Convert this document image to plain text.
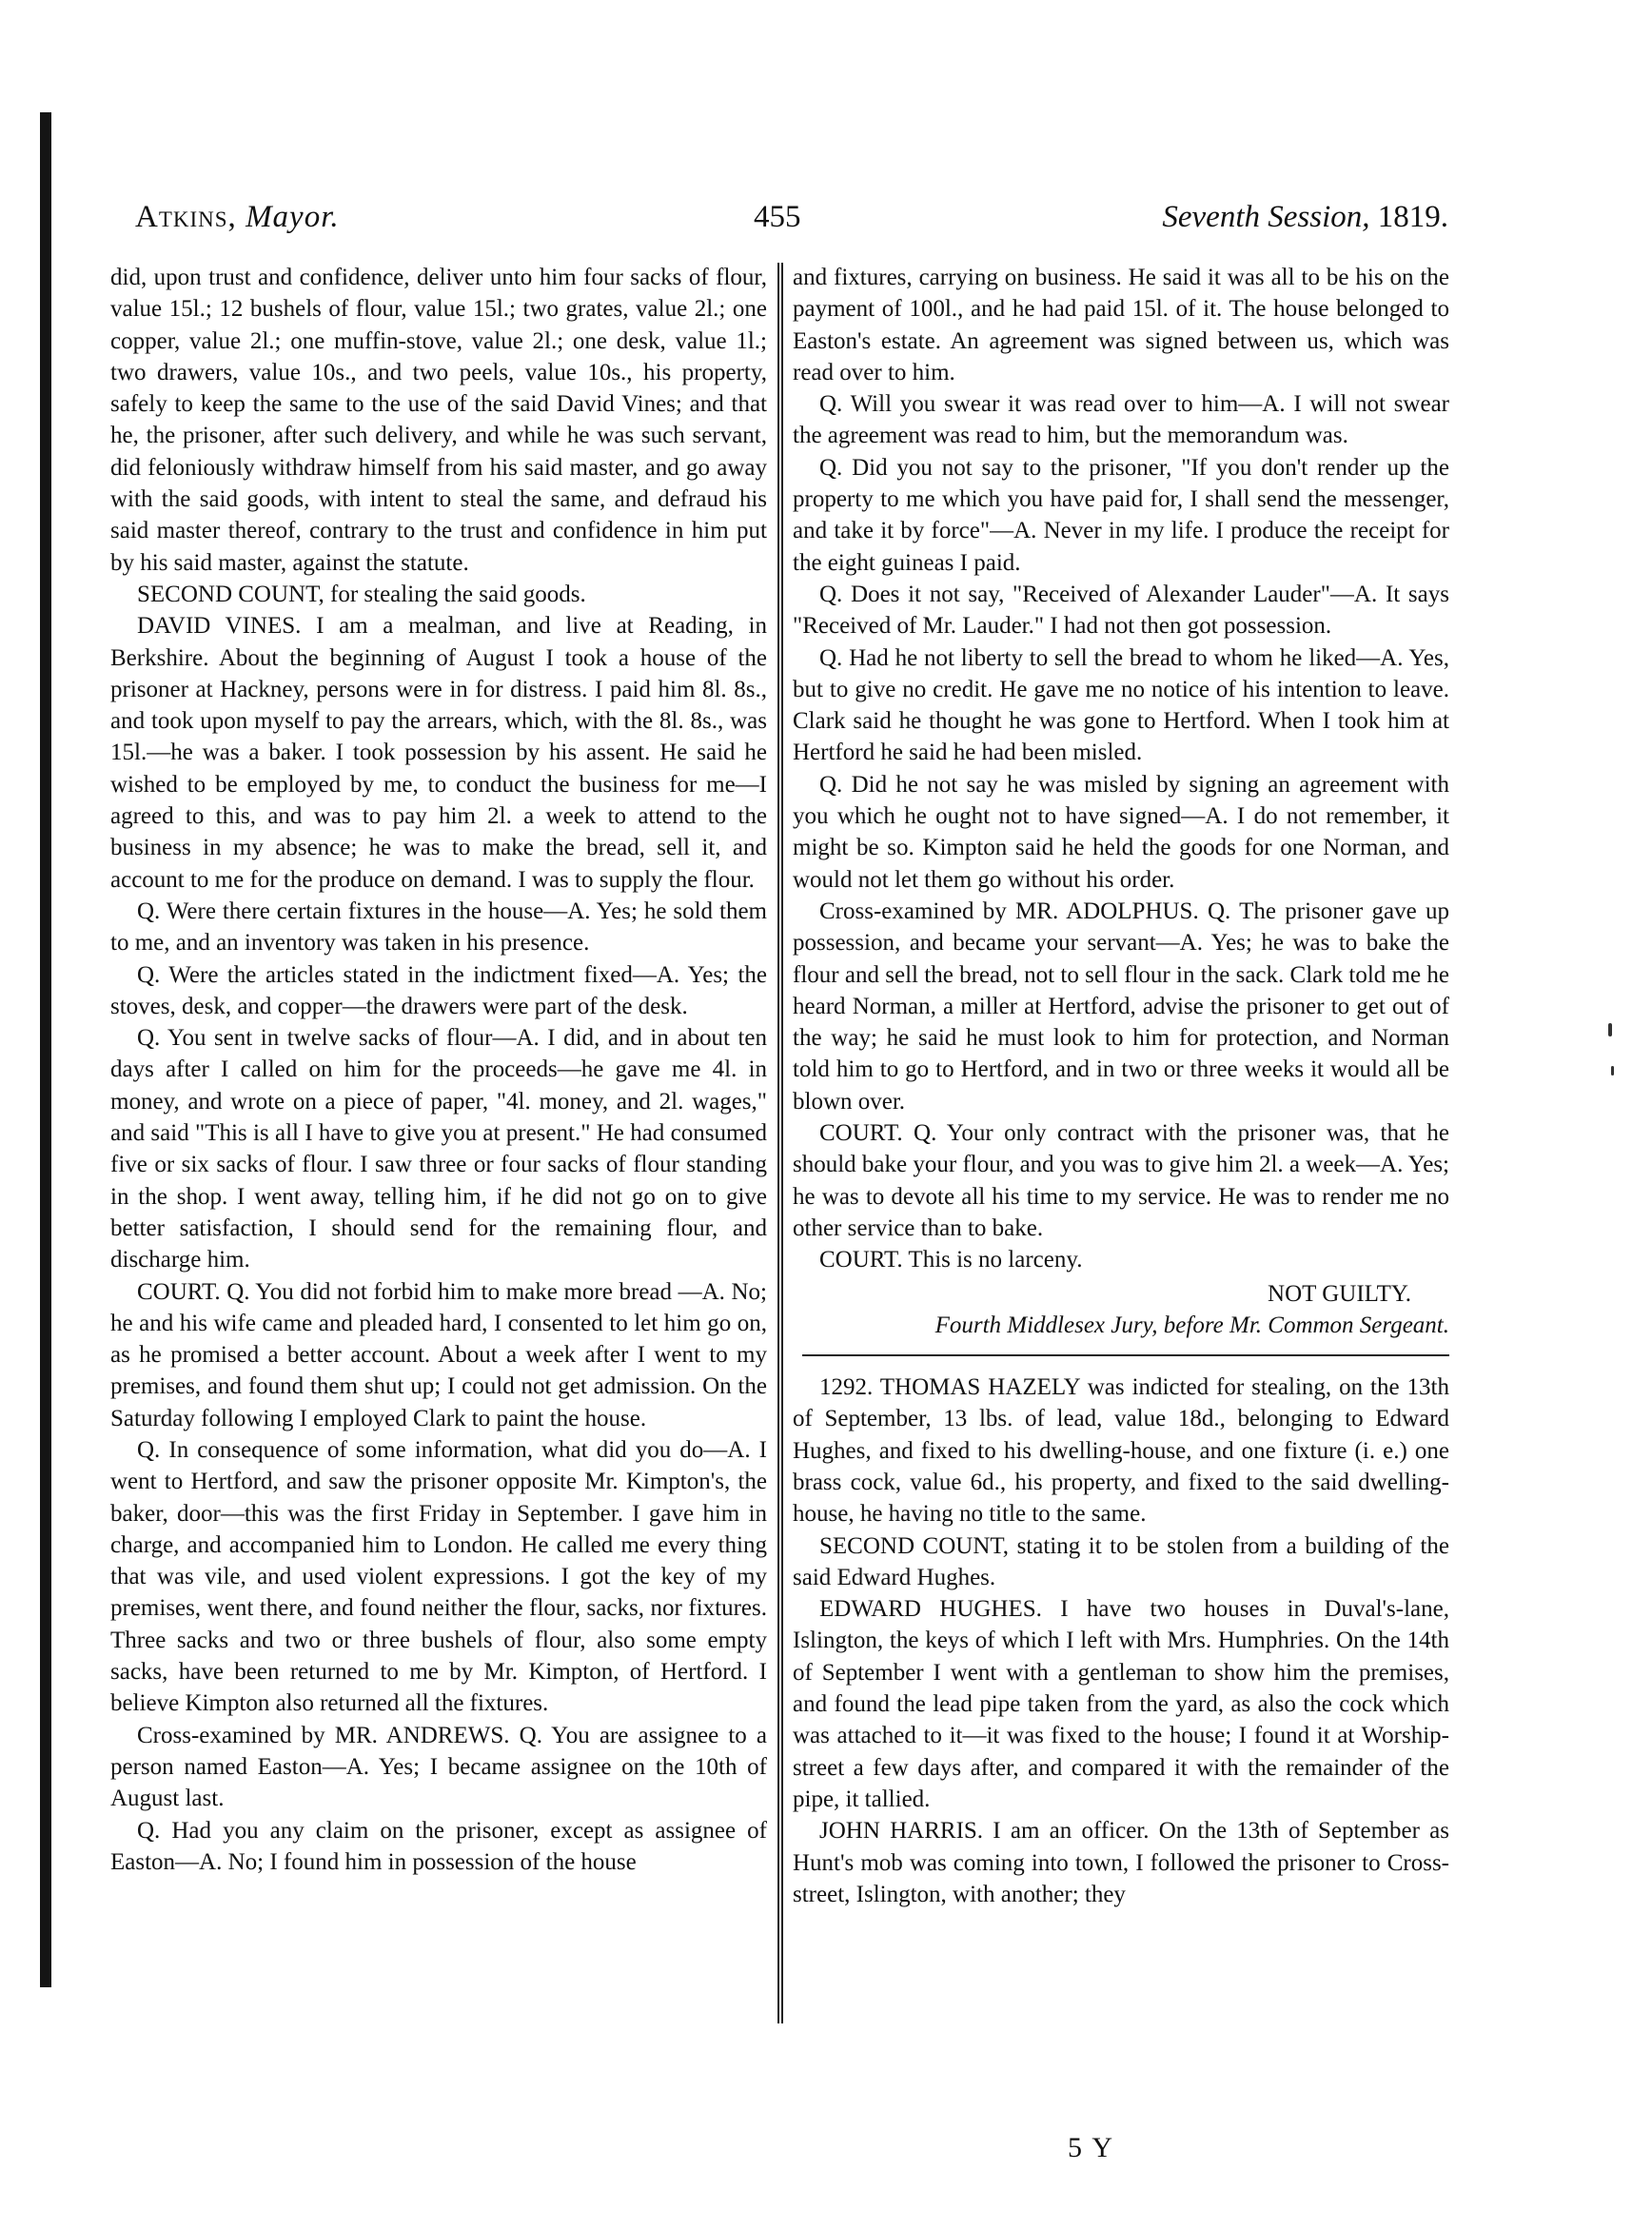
Atkins, Mayor.	455	Seventh Session, 1819.

did, upon trust and confidence, deliver unto him four sacks of flour, value 15l.; 12 bushels of flour, value 15l.; two grates, value 2l.; one copper, value 2l.; one muffin-stove, value 2l.; one desk, value 1l.; two drawers, value 10s., and two peels, value 10s., his property, safely to keep the same to the use of the said David Vines; and that he, the prisoner, after such delivery, and while he was such servant, did feloniously withdraw himself from his said master, and go away with the said goods, with intent to steal the same, and defraud his said master thereof, contrary to the trust and confidence in him put by his said master, against the statute.

SECOND COUNT, for stealing the said goods.

DAVID VINES. I am a mealman, and live at Reading, in Berkshire. About the beginning of August I took a house of the prisoner at Hackney, persons were in for distress. I paid him 8l. 8s., and took upon myself to pay the arrears, which, with the 8l. 8s., was 15l.—he was a baker. I took possession by his assent. He said he wished to be employed by me, to conduct the business for me—I agreed to this, and was to pay him 2l. a week to attend to the business in my absence; he was to make the bread, sell it, and account to me for the produce on demand. I was to supply the flour.

Q. Were there certain fixtures in the house—A. Yes; he sold them to me, and an inventory was taken in his presence.

Q. Were the articles stated in the indictment fixed—A. Yes; the stoves, desk, and copper—the drawers were part of the desk.

Q. You sent in twelve sacks of flour—A. I did, and in about ten days after I called on him for the proceeds—he gave me 4l. in money, and wrote on a piece of paper, "4l. money, and 2l. wages," and said "This is all I have to give you at present." He had consumed five or six sacks of flour. I saw three or four sacks of flour standing in the shop. I went away, telling him, if he did not go on to give better satisfaction, I should send for the remaining flour, and discharge him.

COURT. Q. You did not forbid him to make more bread —A. No; he and his wife came and pleaded hard, I consented to let him go on, as he promised a better account. About a week after I went to my premises, and found them shut up; I could not get admission. On the Saturday following I employed Clark to paint the house.

Q. In consequence of some information, what did you do—A. I went to Hertford, and saw the prisoner opposite Mr. Kimpton's, the baker, door—this was the first Friday in September. I gave him in charge, and accompanied him to London. He called me every thing that was vile, and used violent expressions. I got the key of my premises, went there, and found neither the flour, sacks, nor fixtures. Three sacks and two or three bushels of flour, also some empty sacks, have been returned to me by Mr. Kimpton, of Hertford. I believe Kimpton also returned all the fixtures.

Cross-examined by MR. ANDREWS. Q. You are assignee to a person named Easton—A. Yes; I became assignee on the 10th of August last.

Q. Had you any claim on the prisoner, except as assignee of Easton—A. No; I found him in possession of the house

and fixtures, carrying on business. He said it was all to be his on the payment of 100l., and he had paid 15l. of it. The house belonged to Easton's estate. An agreement was signed between us, which was read over to him.

Q. Will you swear it was read over to him—A. I will not swear the agreement was read to him, but the memorandum was.

Q. Did you not say to the prisoner, "If you don't render up the property to me which you have paid for, I shall send the messenger, and take it by force"—A. Never in my life. I produce the receipt for the eight guineas I paid.

Q. Does it not say, "Received of Alexander Lauder"—A. It says "Received of Mr. Lauder." I had not then got possession.

Q. Had he not liberty to sell the bread to whom he liked—A. Yes, but to give no credit. He gave me no notice of his intention to leave. Clark said he thought he was gone to Hertford. When I took him at Hertford he said he had been misled.

Q. Did he not say he was misled by signing an agreement with you which he ought not to have signed—A. I do not remember, it might be so. Kimpton said he held the goods for one Norman, and would not let them go without his order.

Cross-examined by MR. ADOLPHUS. Q. The prisoner gave up possession, and became your servant—A. Yes; he was to bake the flour and sell the bread, not to sell flour in the sack. Clark told me he heard Norman, a miller at Hertford, advise the prisoner to get out of the way; he said he must look to him for protection, and Norman told him to go to Hertford, and in two or three weeks it would all be blown over.

COURT. Q. Your only contract with the prisoner was, that he should bake your flour, and you was to give him 2l. a week—A. Yes; he was to devote all his time to my service. He was to render me no other service than to bake.

COURT. This is no larceny.

NOT GUILTY.

Fourth Middlesex Jury, before Mr. Common Sergeant.

1292. THOMAS HAZELY was indicted for stealing, on the 13th of September, 13 lbs. of lead, value 18d., belonging to Edward Hughes, and fixed to his dwelling-house, and one fixture (i. e.) one brass cock, value 6d., his property, and fixed to the said dwelling-house, he having no title to the same.

SECOND COUNT, stating it to be stolen from a building of the said Edward Hughes.

EDWARD HUGHES. I have two houses in Duval's-lane, Islington, the keys of which I left with Mrs. Humphries. On the 14th of September I went with a gentleman to show him the premises, and found the lead pipe taken from the yard, as also the cock which was attached to it—it was fixed to the house; I found it at Worship-street a few days after, and compared it with the remainder of the pipe, it tallied.

JOHN HARRIS. I am an officer. On the 13th of September as Hunt's mob was coming into town, I followed the prisoner to Cross-street, Islington, with another; they

5 Y
